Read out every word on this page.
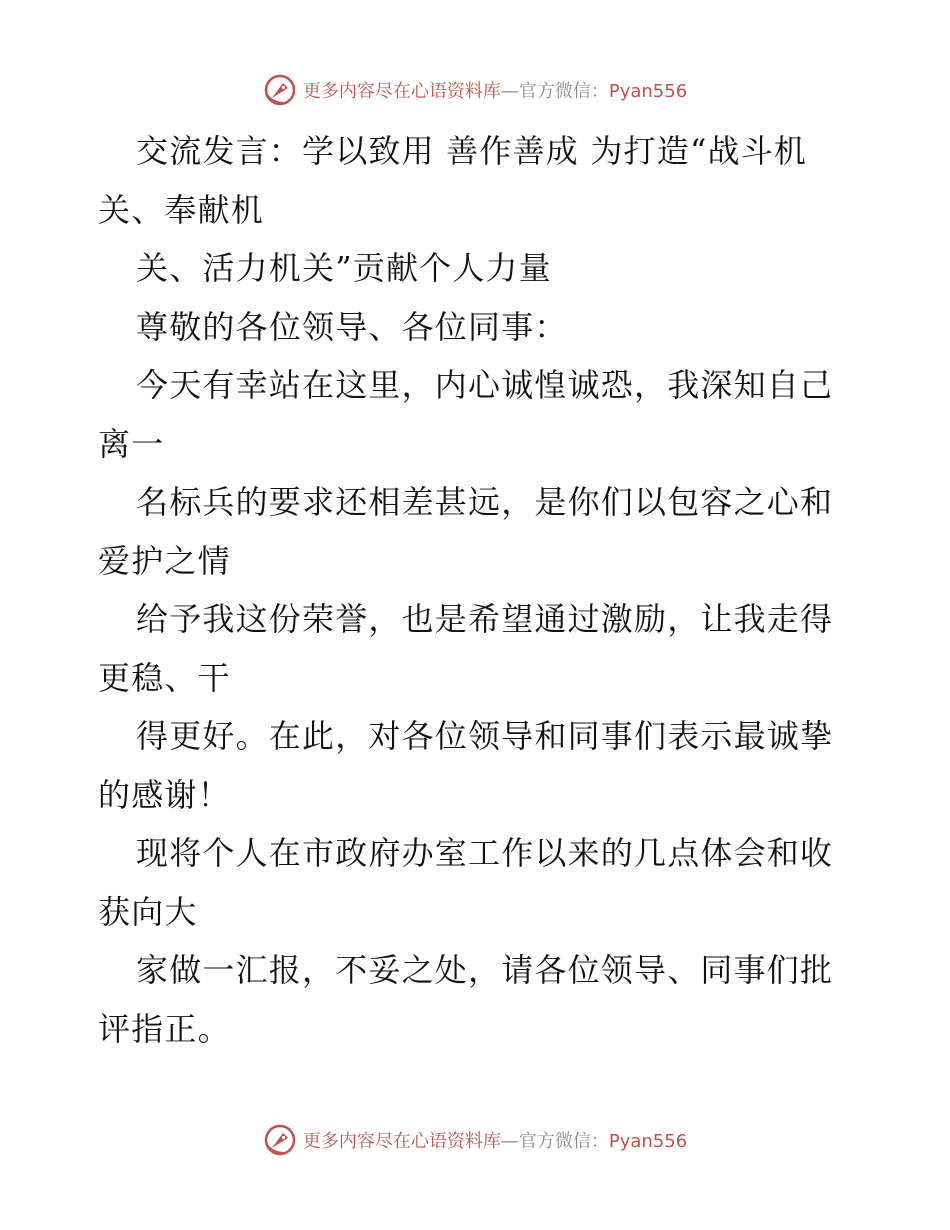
更多内容尽在心语资料库—官方微信：Pyan556

交流发言：学以致用 善作善成 为打造“战斗机关、奉献机

关、活力机关”贡献个人力量

尊敬的各位领导、各位同事：

今天有幸站在这里，内心诚惶诚恐，我深知自己离一

名标兵的要求还相差甚远，是你们以包容之心和爱护之情

给予我这份荣誉，也是希望通过激励，让我走得更稳、干

得更好。在此，对各位领导和同事们表示最诚挚的感谢！

现将个人在市政府办室工作以来的几点体会和收获向大

家做一汇报，不妥之处，请各位领导、同事们批评指正。

更多内容尽在心语资料库—官方微信：Pyan556
